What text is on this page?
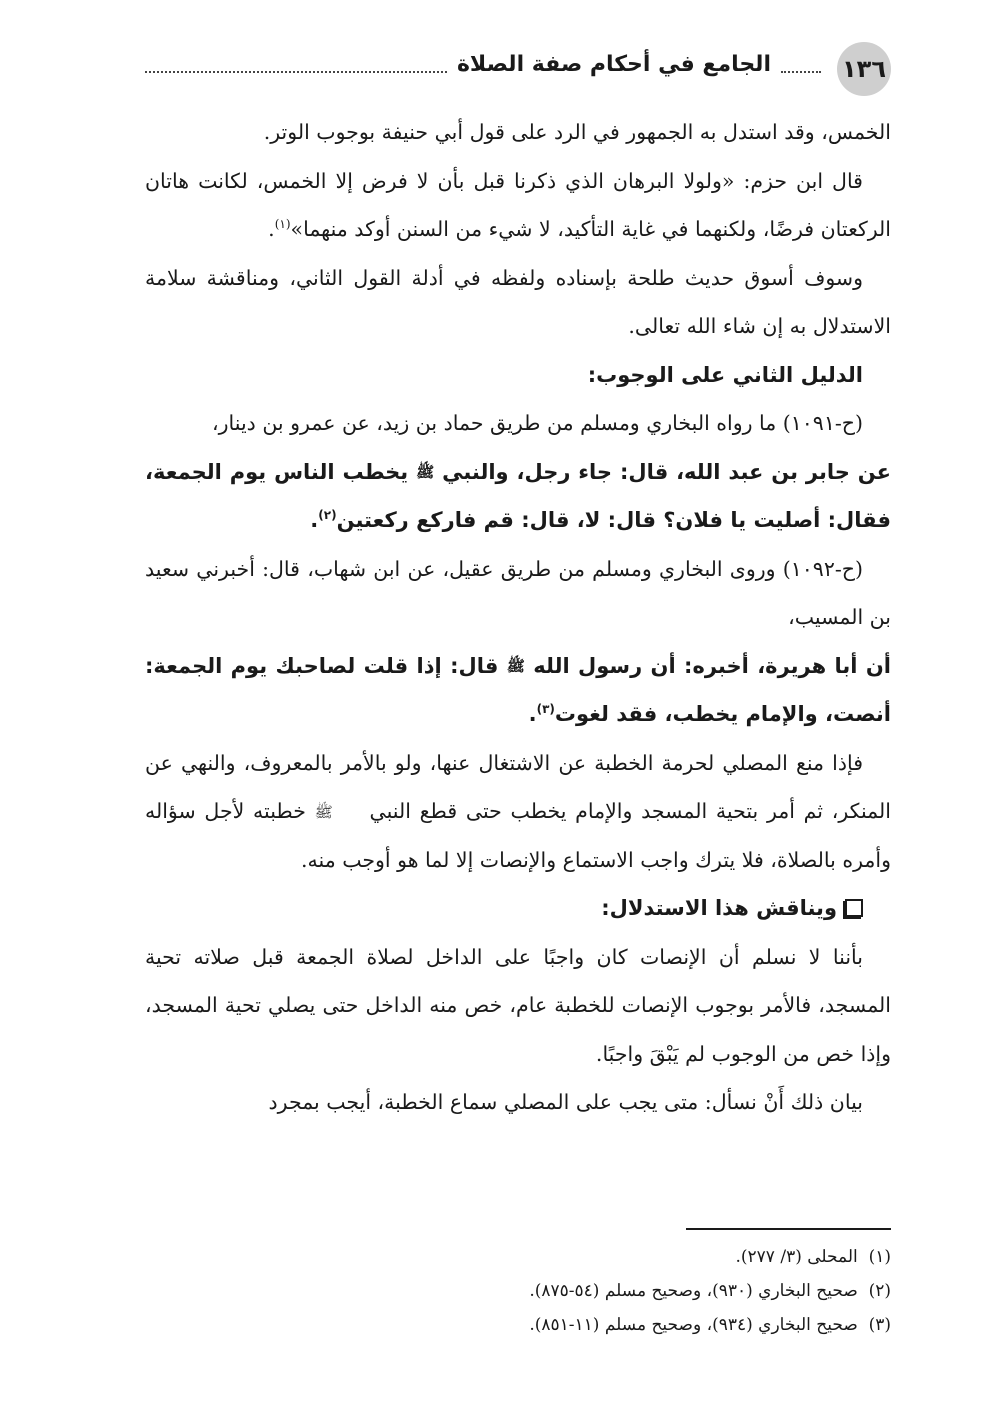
١٣٦
الجامع في أحكام صفة الصلاة

الخمس، وقد استدل به الجمهور في الرد على قول أبي حنيفة بوجوب الوتر.

قال ابن حزم: «ولولا البرهان الذي ذكرنا قبل بأن لا فرض إلا الخمس، لكانت هاتان الركعتان فرضًا، ولكنهما في غاية التأكيد، لا شيء من السنن أوكد منهما»$^{(١)}$.

وسوف أسوق حديث طلحة بإسناده ولفظه في أدلة القول الثاني، ومناقشة سلامة الاستدلال به إن شاء الله تعالى.

الدليل الثاني على الوجوب:

(ح-١٠٩١) ما رواه البخاري ومسلم من طريق حماد بن زيد، عن عمرو بن دينار،

عن جابر بن عبد الله، قال: جاء رجل، والنبي ﷺ يخطب الناس يوم الجمعة، فقال: أصليت يا فلان؟ قال: لا، قال: قم فاركع ركعتين$^{(٢)}$.

(ح-١٠٩٢) وروى البخاري ومسلم من طريق عقيل، عن ابن شهاب، قال: أخبرني سعيد بن المسيب،

أن أبا هريرة، أخبره: أن رسول الله ﷺ قال: إذا قلت لصاحبك يوم الجمعة: أنصت، والإمام يخطب، فقد لغوت$^{(٣)}$.

فإذا منع المصلي لحرمة الخطبة عن الاشتغال عنها، ولو بالأمر بالمعروف، والنهي عن المنكر، ثم أمر بتحية المسجد والإمام يخطب حتى قطع النبي ﷺ خطبته لأجل سؤاله وأمره بالصلاة، فلا يترك واجب الاستماع والإنصات إلا لما هو أوجب منه.

ويناقش هذا الاستدلال:

بأننا لا نسلم أن الإنصات كان واجبًا على الداخل لصلاة الجمعة قبل صلاته تحية المسجد، فالأمر بوجوب الإنصات للخطبة عام، خص منه الداخل حتى يصلي تحية المسجد، وإذا خص من الوجوب لم يَبْقَ واجبًا.

بيان ذلك أَنْ نسأل: متى يجب على المصلي سماع الخطبة، أيجب بمجرد

(١)  المحلى (٣/ ٢٧٧).

(٢)  صحيح البخاري (٩٣٠)، وصحيح مسلم (٥٤-٨٧٥).

(٣)  صحيح البخاري (٩٣٤)، وصحيح مسلم (١١-٨٥١).
